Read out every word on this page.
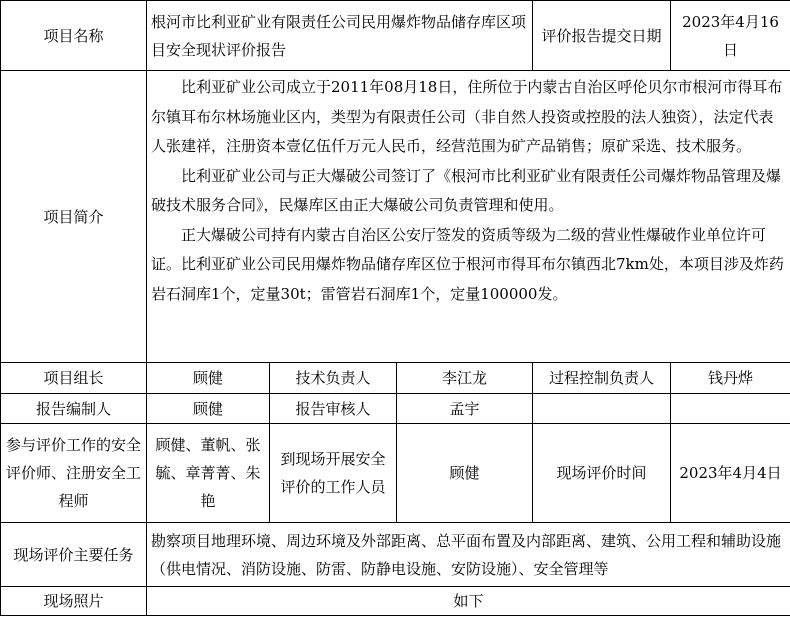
项目名称	根河市比利亚矿业有限责任公司民用爆炸物品储存库区项目安全现状评价报告			评价报告提交日期	2023年4月16日
项目简介	比利亚矿业公司成立于2011年08月18日，住所位于内蒙古自治区呼伦贝尔市根河市得耳布尔镇耳布尔林场施业区内，类型为有限责任公司（非自然人投资或控股的法人独资），法定代表人张建祥，注册资本壹亿伍仟万元人民币，经营范围为矿产品销售；原矿采选、技术服务。

比利亚矿业公司与正大爆破公司签订了《根河市比利亚矿业有限责任公司爆炸物品管理及爆破技术服务合同》，民爆库区由正大爆破公司负责管理和使用。

正大爆破公司持有内蒙古自治区公安厅签发的资质等级为二级的营业性爆破作业单位许可证。比利亚矿业公司民用爆炸物品储存库区位于根河市得耳布尔镇西北7km处，本项目涉及炸药岩石洞库1个，定量30t；雷管岩石洞库1个，定量100000发。				

项目组长	顾健	技术负责人	李江龙	过程控制负责人	钱丹烨
报告编制人	顾健	报告审核人	孟宇		
参与评价工作的安全评价师、注册安全工程师	顾健、董帆、张毓、章菁菁、朱艳	到现场开展安全评价的工作人员	顾健	现场评价时间	2023年4月4日
现场评价主要任务	勘察项目地理环境、周边环境及外部距离、总平面布置及内部距离、建筑、公用工程和辅助设施（供电情况、消防设施、防雷、防静电设施、安防设施）、安全管理等				
现场照片	如下				
